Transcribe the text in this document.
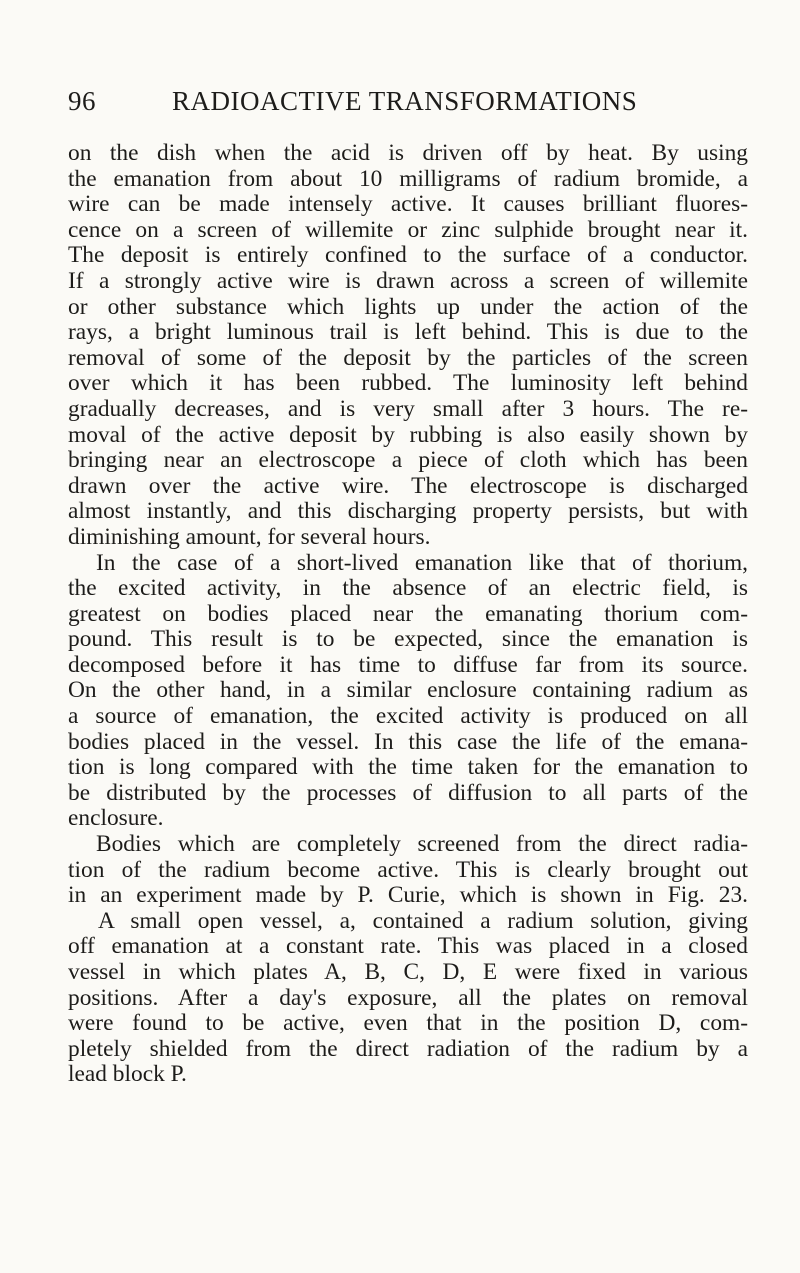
96	RADIOACTIVE TRANSFORMATIONS
on the dish when the acid is driven off by heat. By using
the emanation from about 10 milligrams of radium bromide, a
wire can be made intensely active. It causes brilliant fluores-
cence on a screen of willemite or zinc sulphide brought near it.
The deposit is entirely confined to the surface of a conductor.
If a strongly active wire is drawn across a screen of willemite
or other substance which lights up under the action of the
rays, a bright luminous trail is left behind. This is due to the
removal of some of the deposit by the particles of the screen
over which it has been rubbed. The luminosity left behind
gradually decreases, and is very small after 3 hours. The re-
moval of the active deposit by rubbing is also easily shown by
bringing near an electroscope a piece of cloth which has been
drawn over the active wire. The electroscope is discharged
almost instantly, and this discharging property persists, but with
diminishing amount, for several hours.
In the case of a short-lived emanation like that of thorium,
the excited activity, in the absence of an electric field, is
greatest on bodies placed near the emanating thorium com-
pound. This result is to be expected, since the emanation is
decomposed before it has time to diffuse far from its source.
On the other hand, in a similar enclosure containing radium as
a source of emanation, the excited activity is produced on all
bodies placed in the vessel. In this case the life of the emana-
tion is long compared with the time taken for the emanation to
be distributed by the processes of diffusion to all parts of the
enclosure.
Bodies which are completely screened from the direct radia-
tion of the radium become active. This is clearly brought out
in an experiment made by P. Curie, which is shown in Fig. 23.
A small open vessel, a, contained a radium solution, giving
off emanation at a constant rate. This was placed in a closed
vessel in which plates A, B, C, D, E were fixed in various
positions. After a day's exposure, all the plates on removal
were found to be active, even that in the position D, com-
pletely shielded from the direct radiation of the radium by a
lead block P.
